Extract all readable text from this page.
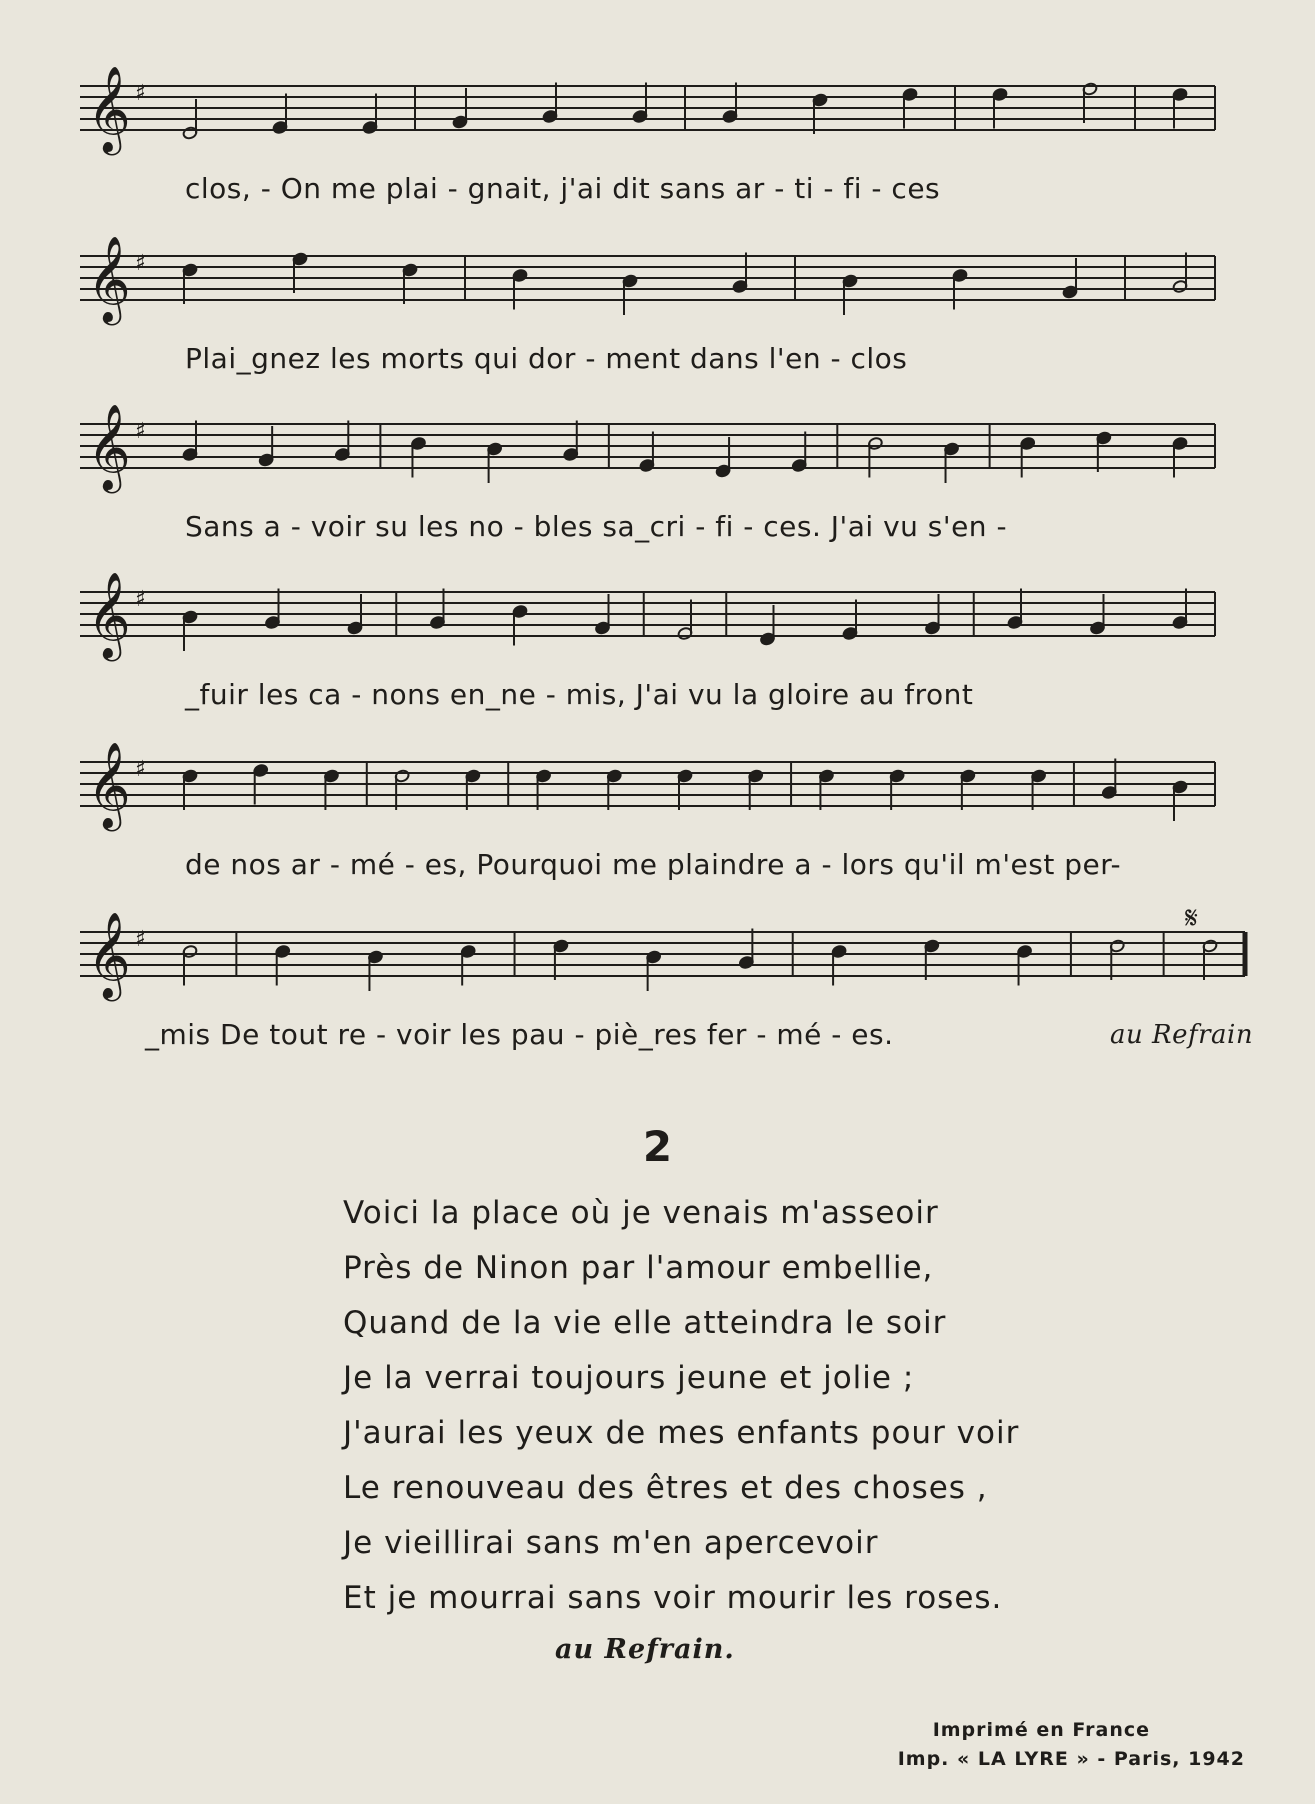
𝄞 ♯
clos, - On me plai - gnait, j'ai dit sans ar - ti - fi - ces
𝄞 ♯
Plai_gnez les morts qui dor - ment dans l'en - clos
𝄞 ♯
Sans a - voir su les no - bles sa_cri - fi - ces. J'ai vu s'en -
𝄞 ♯
_fuir les ca - nons en_ne - mis, J'ai vu la gloire au front
𝄞 ♯
de nos ar - mé - es, Pourquoi me plaindre a - lors qu'il m'est per-
𝄞 ♯
𝄋
_mis De tout re - voir les pau - piè_res fer - mé - es.	au Refrain
2
Voici la place où je venais m'asseoir
Près de Ninon par l'amour embellie,
Quand de la vie elle atteindra le soir
Je la verrai toujours jeune et jolie ;
J'aurai les yeux de mes enfants pour voir
Le renouveau des êtres et des choses ,
Je vieillirai sans m'en apercevoir
Et je mourrai sans voir mourir les roses.
au Refrain.
Imprimé en France
Imp. « LA LYRE » - Paris, 1942
